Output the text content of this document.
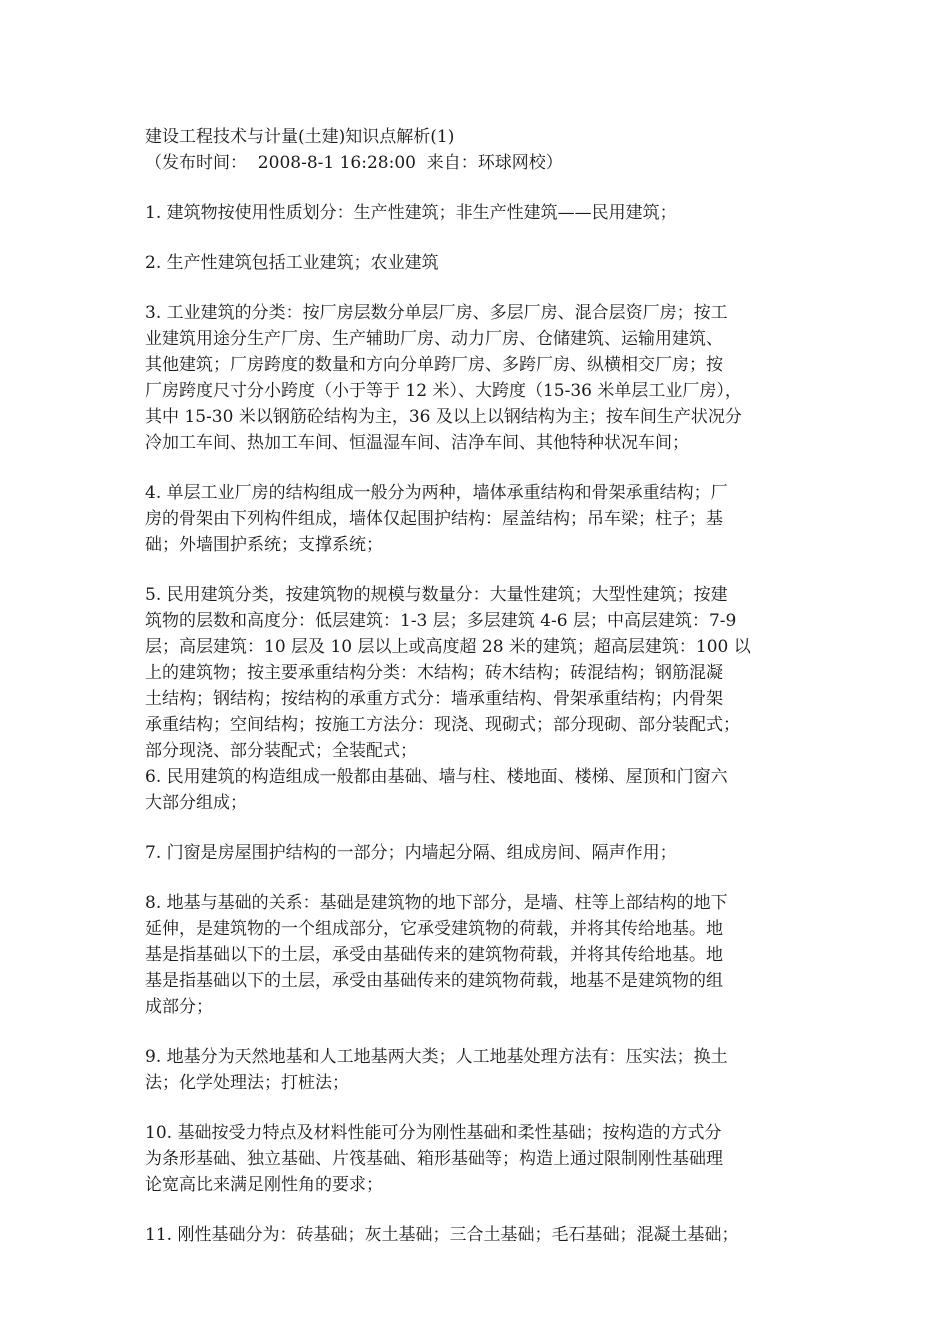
建设工程技术与计量(土建)知识点解析(1)
（发布时间：  2008-8-1 16:28:00  来自：环球网校）
1. 建筑物按使用性质划分：生产性建筑；非生产性建筑——民用建筑；
2. 生产性建筑包括工业建筑；农业建筑
3. 工业建筑的分类：按厂房层数分单层厂房、多层厂房、混合层资厂房；按工
业建筑用途分生产厂房、生产辅助厂房、动力厂房、仓储建筑、运输用建筑、
其他建筑；厂房跨度的数量和方向分单跨厂房、多跨厂房、纵横相交厂房；按
厂房跨度尺寸分小跨度（小于等于 12 米）、大跨度（15-36 米单层工业厂房），
其中 15-30 米以钢筋砼结构为主，36 及以上以钢结构为主；按车间生产状况分
冷加工车间、热加工车间、恒温湿车间、洁净车间、其他特种状况车间；
4. 单层工业厂房的结构组成一般分为两种，墙体承重结构和骨架承重结构；厂
房的骨架由下列构件组成，墙体仅起围护结构：屋盖结构；吊车梁；柱子；基
础；外墙围护系统；支撑系统；
5. 民用建筑分类，按建筑物的规模与数量分：大量性建筑；大型性建筑；按建
筑物的层数和高度分：低层建筑：1-3 层；多层建筑 4-6 层；中高层建筑：7-9
层；高层建筑：10 层及 10 层以上或高度超 28 米的建筑；超高层建筑：100 以
上的建筑物；按主要承重结构分类：木结构；砖木结构；砖混结构；钢筋混凝
土结构；钢结构；按结构的承重方式分：墙承重结构、骨架承重结构；内骨架
承重结构；空间结构；按施工方法分：现浇、现砌式；部分现砌、部分装配式；
部分现浇、部分装配式；全装配式；
6. 民用建筑的构造组成一般都由基础、墙与柱、楼地面、楼梯、屋顶和门窗六
大部分组成；
7. 门窗是房屋围护结构的一部分；内墙起分隔、组成房间、隔声作用；
8. 地基与基础的关系：基础是建筑物的地下部分，是墙、柱等上部结构的地下
延伸，是建筑物的一个组成部分，它承受建筑物的荷载，并将其传给地基。地
基是指基础以下的土层，承受由基础传来的建筑物荷载，并将其传给地基。地
基是指基础以下的土层，承受由基础传来的建筑物荷载，地基不是建筑物的组
成部分；
9. 地基分为天然地基和人工地基两大类；人工地基处理方法有：压实法；换土
法；化学处理法；打桩法；
10. 基础按受力特点及材料性能可分为刚性基础和柔性基础；按构造的方式分
为条形基础、独立基础、片筏基础、箱形基础等；构造上通过限制刚性基础理
论宽高比来满足刚性角的要求；
11. 刚性基础分为：砖基础；灰土基础；三合土基础；毛石基础；混凝土基础；
